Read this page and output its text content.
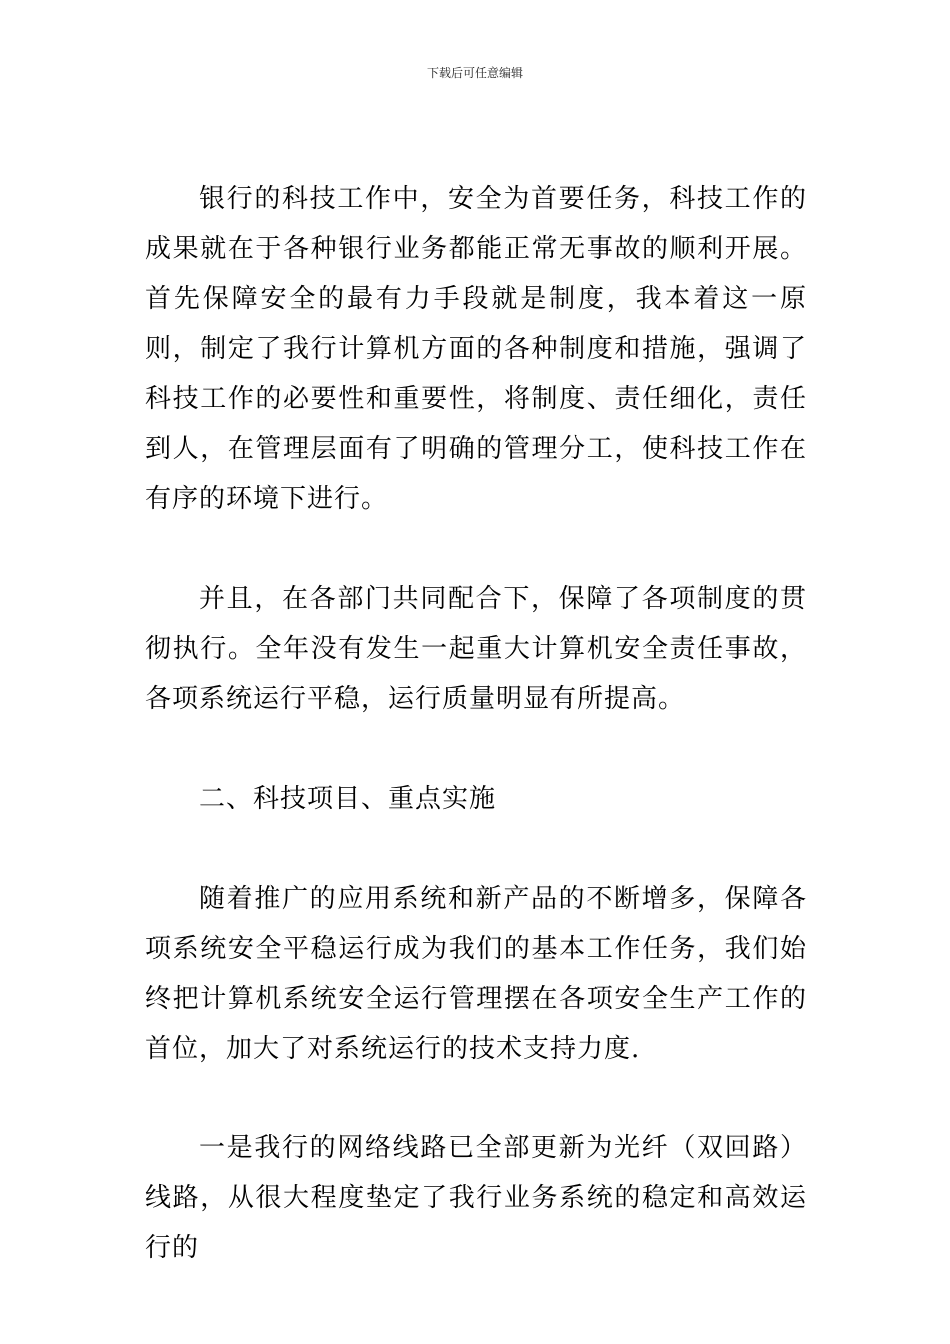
下载后可任意编辑

银行的科技工作中，安全为首要任务，科技工作的成果就在于各种银行业务都能正常无事故的顺利开展。首先保障安全的最有力手段就是制度，我本着这一原则，制定了我行计算机方面的各种制度和措施，强调了科技工作的必要性和重要性，将制度、责任细化，责任到人，在管理层面有了明确的管理分工，使科技工作在有序的环境下进行。

并且，在各部门共同配合下，保障了各项制度的贯彻执行。全年没有发生一起重大计算机安全责任事故，各项系统运行平稳，运行质量明显有所提高。

二、科技项目、重点实施

随着推广的应用系统和新产品的不断增多，保障各项系统安全平稳运行成为我们的基本工作任务，我们始终把计算机系统安全运行管理摆在各项安全生产工作的首位，加大了对系统运行的技术支持力度.

一是我行的网络线路已全部更新为光纤（双回路）线路，从很大程度垫定了我行业务系统的稳定和高效运行的
